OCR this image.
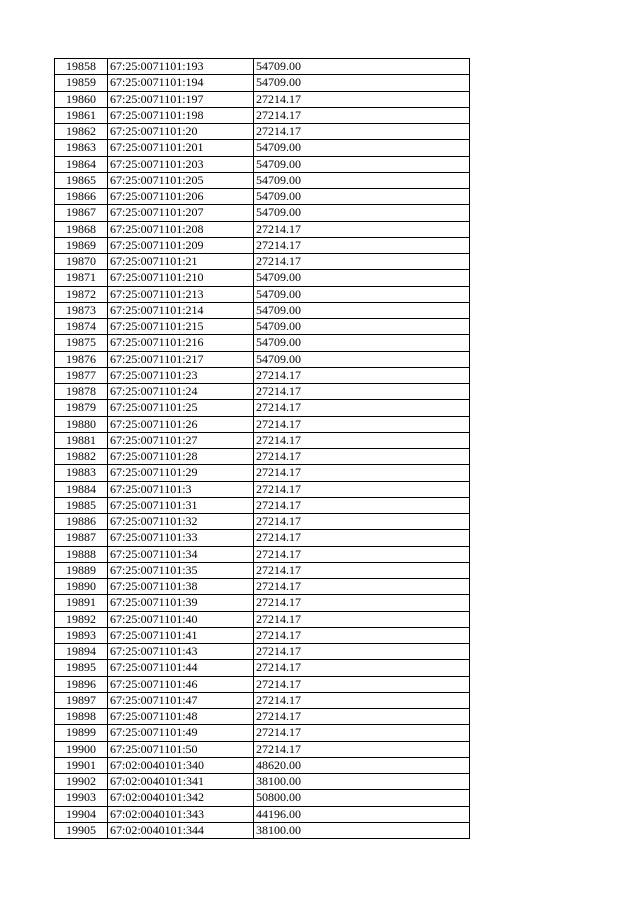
19858	67:25:0071101:193	54709.00
19859	67:25:0071101:194	54709.00
19860	67:25:0071101:197	27214.17
19861	67:25:0071101:198	27214.17
19862	67:25:0071101:20	27214.17
19863	67:25:0071101:201	54709.00
19864	67:25:0071101:203	54709.00
19865	67:25:0071101:205	54709.00
19866	67:25:0071101:206	54709.00
19867	67:25:0071101:207	54709.00
19868	67:25:0071101:208	27214.17
19869	67:25:0071101:209	27214.17
19870	67:25:0071101:21	27214.17
19871	67:25:0071101:210	54709.00
19872	67:25:0071101:213	54709.00
19873	67:25:0071101:214	54709.00
19874	67:25:0071101:215	54709.00
19875	67:25:0071101:216	54709.00
19876	67:25:0071101:217	54709.00
19877	67:25:0071101:23	27214.17
19878	67:25:0071101:24	27214.17
19879	67:25:0071101:25	27214.17
19880	67:25:0071101:26	27214.17
19881	67:25:0071101:27	27214.17
19882	67:25:0071101:28	27214.17
19883	67:25:0071101:29	27214.17
19884	67:25:0071101:3	27214.17
19885	67:25:0071101:31	27214.17
19886	67:25:0071101:32	27214.17
19887	67:25:0071101:33	27214.17
19888	67:25:0071101:34	27214.17
19889	67:25:0071101:35	27214.17
19890	67:25:0071101:38	27214.17
19891	67:25:0071101:39	27214.17
19892	67:25:0071101:40	27214.17
19893	67:25:0071101:41	27214.17
19894	67:25:0071101:43	27214.17
19895	67:25:0071101:44	27214.17
19896	67:25:0071101:46	27214.17
19897	67:25:0071101:47	27214.17
19898	67:25:0071101:48	27214.17
19899	67:25:0071101:49	27214.17
19900	67:25:0071101:50	27214.17
19901	67:02:0040101:340	48620.00
19902	67:02:0040101:341	38100.00
19903	67:02:0040101:342	50800.00
19904	67:02:0040101:343	44196.00
19905	67:02:0040101:344	38100.00
